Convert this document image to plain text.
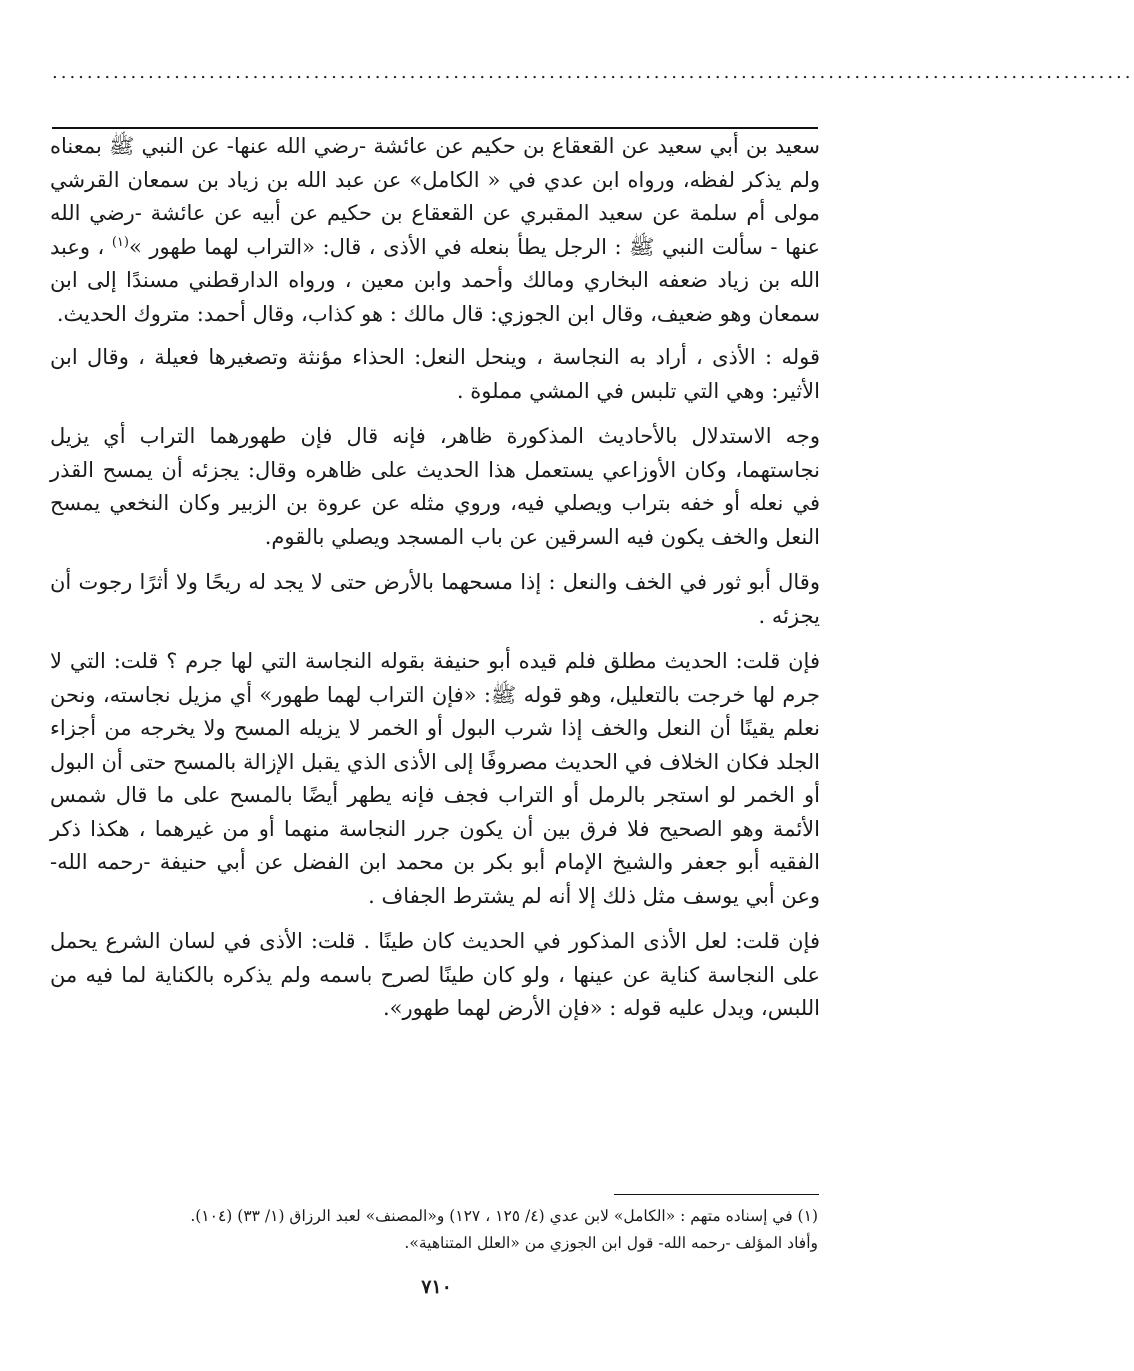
............................................................................................................................

سعيد بن أبي سعيد عن القعقاع بن حكيم عن عائشة -رضي الله عنها- عن النبي ﷺ بمعناه ولم يذكر لفظه، ورواه ابن عدي في « الكامل» عن عبد الله بن زياد بن سمعان القرشي مولى أم سلمة عن سعيد المقبري عن القعقاع بن حكيم عن أبيه عن عائشة -رضي الله عنها - سألت النبي ﷺ : الرجل يطأ بنعله في الأذى ، قال: «التراب لهما طهور »$^{(١)}$ ، وعبد الله بن زياد ضعفه البخاري ومالك وأحمد وابن معين ، ورواه الدارقطني مسندًا إلى ابن سمعان وهو ضعيف، وقال ابن الجوزي: قال مالك : هو كذاب، وقال أحمد: متروك الحديث.

قوله : الأذى ، أراد به النجاسة ، وينحل النعل: الحذاء مؤنثة وتصغيرها فعيلة ، وقال ابن الأثير: وهي التي تلبس في المشي مملوة .

وجه الاستدلال بالأحاديث المذكورة ظاهر، فإنه قال فإن طهورهما التراب أي يزيل نجاستهما، وكان الأوزاعي يستعمل هذا الحديث على ظاهره وقال: يجزئه أن يمسح القذر في نعله أو خفه بتراب ويصلي فيه، وروي مثله عن عروة بن الزبير وكان النخعي يمسح النعل والخف يكون فيه السرقين عن باب المسجد ويصلي بالقوم.

وقال أبو ثور في الخف والنعل : إذا مسحهما بالأرض حتى لا يجد له ريحًا ولا أثرًا رجوت أن يجزئه .

فإن قلت: الحديث مطلق فلم قيده أبو حنيفة بقوله النجاسة التي لها جرم ؟ قلت: التي لا جرم لها خرجت بالتعليل، وهو قوله ﷺ: «فإن التراب لهما طهور» أي مزيل نجاسته، ونحن نعلم يقينًا أن النعل والخف إذا شرب البول أو الخمر لا يزيله المسح ولا يخرجه من أجزاء الجلد فكان الخلاف في الحديث مصروفًا إلى الأذى الذي يقبل الإزالة بالمسح حتى أن البول أو الخمر لو استجر بالرمل أو التراب فجف فإنه يطهر أيضًا بالمسح على ما قال شمس الأئمة وهو الصحيح فلا فرق بين أن يكون جرر النجاسة منهما أو من غيرهما ، هكذا ذكر الفقيه أبو جعفر والشيخ الإمام أبو بكر بن محمد ابن الفضل عن أبي حنيفة -رحمه الله- وعن أبي يوسف مثل ذلك إلا أنه لم يشترط الجفاف .

فإن قلت: لعل الأذى المذكور في الحديث كان طينًا . قلت: الأذى في لسان الشرع يحمل على النجاسة كناية عن عينها ، ولو كان طينًا لصرح باسمه ولم يذكره بالكناية لما فيه من اللبس، ويدل عليه قوله : «فإن الأرض لهما طهور».

(١) في إسناده متهم : «الكامل» لابن عدي (٤/ ١٢٥ ، ١٢٧) و«المصنف» لعبد الرزاق (١/ ٣٣) (١٠٤).
وأفاد المؤلف -رحمه الله- قول ابن الجوزي من «العلل المتناهية».
٧١٠
